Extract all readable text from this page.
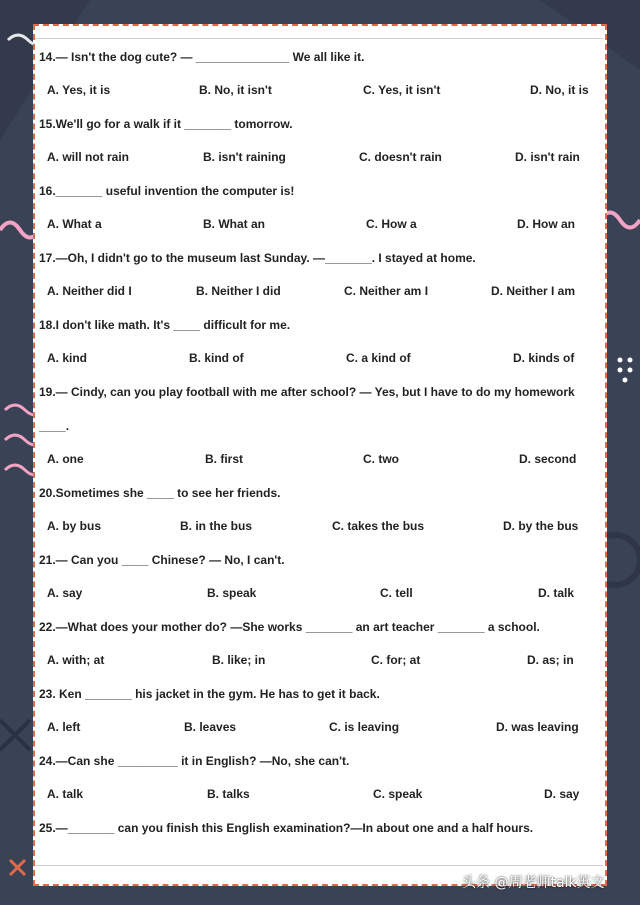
14.— Isn't the dog cute? — ______________ We all like it.
A. Yes, it is	B. No, it isn't	C. Yes, it isn't	D. No, it is
15.We'll go for a walk if it _______ tomorrow.
A. will not rain	B. isn't raining	C. doesn't rain	D. isn't rain
16._______ useful invention the computer is!
A. What a	B. What an	C. How a	D. How an
17.—Oh, I didn't go to the museum last Sunday. —_______. I stayed at home.
A. Neither did I	B. Neither I did	C. Neither am I	D. Neither I am
18.I don't like math. It's ____ difficult for me.
A. kind	B. kind of	C. a kind of	D. kinds of
19.— Cindy, can you play football with me after school? — Yes, but I have to do my homework
____.
A. one	B. first	C. two	D. second
20.Sometimes she ____ to see her friends.
A. by bus	B. in the bus	C. takes the bus	D. by the bus
21.— Can you ____ Chinese? — No, I can't.
A. say	B. speak	C. tell	D. talk
22.—What does your mother do? —She works _______ an art teacher _______ a school.
A. with; at	B. like; in	C. for; at	D. as; in
23. Ken _______ his jacket in the gym. He has to get it back.
A. left	B. leaves	C. is leaving	D. was leaving
24.—Can she _________ it in English? —No, she can't.
A. talk	B. talks	C. speak	D. say
25.—_______ can you finish this English examination?—In about one and a half hours.
头条 @周老师talk英文
